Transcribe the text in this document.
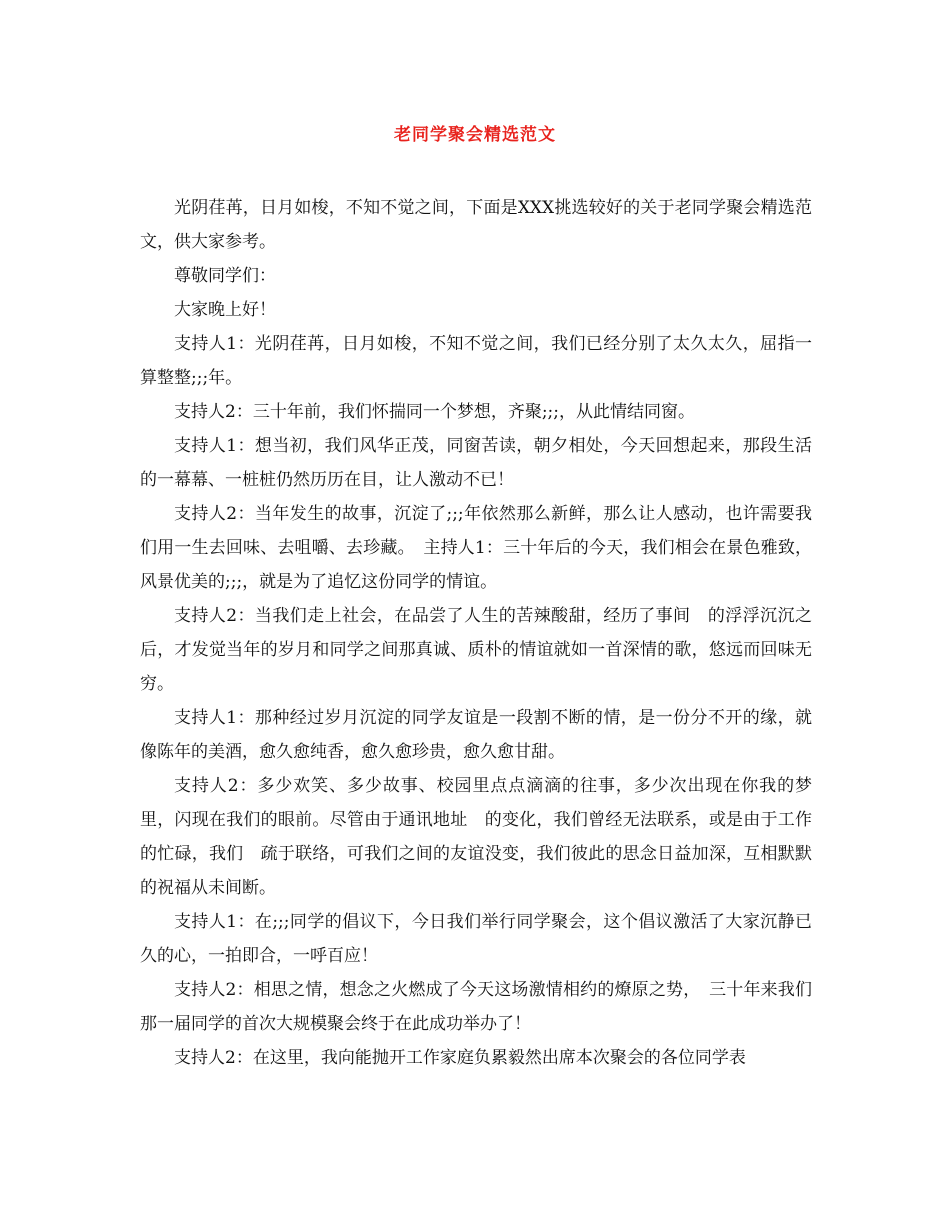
老同学聚会精选范文

光阴荏苒，日月如梭，不知不觉之间，下面是XXX挑选较好的关于老同学聚会精选范文，供大家参考。

尊敬同学们：

大家晚上好！

支持人1：光阴荏苒，日月如梭，不知不觉之间，我们已经分别了太久太久，屈指一算整整;;;年。

支持人2：三十年前，我们怀揣同一个梦想，齐聚;;;，从此情结同窗。

支持人1：想当初，我们风华正茂，同窗苦读，朝夕相处，今天回想起来，那段生活的一幕幕、一桩桩仍然历历在目，让人激动不已！

支持人2：当年发生的故事，沉淀了;;;年依然那么新鲜，那么让人感动，也许需要我们用一生去回味、去咀嚼、去珍藏。　主持人1：三十年后的今天，我们相会在景色雅致，风景优美的;;;，就是为了追忆这份同学的情谊。

支持人2：当我们走上社会，在品尝了人生的苦辣酸甜，经历了事间　的浮浮沉沉之后，才发觉当年的岁月和同学之间那真诚、质朴的情谊就如一首深情的歌，悠远而回味无穷。

支持人1：那种经过岁月沉淀的同学友谊是一段割不断的情，是一份分不开的缘，就像陈年的美酒，愈久愈纯香，愈久愈珍贵，愈久愈甘甜。

支持人2：多少欢笑、多少故事、校园里点点滴滴的往事，多少次出现在你我的梦里，闪现在我们的眼前。尽管由于通讯地址　的变化，我们曾经无法联系，或是由于工作的忙碌，我们　疏于联络，可我们之间的友谊没变，我们彼此的思念日益加深，互相默默的祝福从未间断。

支持人1：在;;;同学的倡议下，今日我们举行同学聚会，这个倡议激活了大家沉静已久的心，一拍即合，一呼百应！

支持人2：相思之情，想念之火燃成了今天这场激情相约的燎原之势，　三十年来我们那一届同学的首次大规模聚会终于在此成功举办了！

支持人2：在这里，我向能抛开工作家庭负累毅然出席本次聚会的各位同学表
